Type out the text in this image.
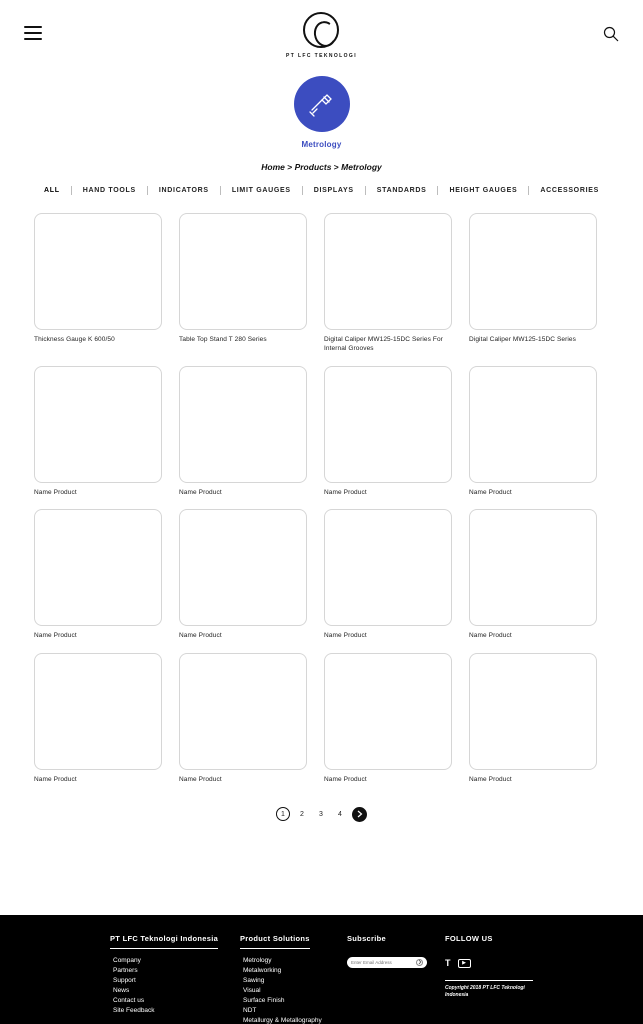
PT LFC TEKNOLOGI
Metrology
Home > Products > Metrology
ALL	HAND TOOLS	INDICATORS	LIMIT GAUGES	DISPLAYS	STANDARDS	HEIGHT GAUGES	ACCESSORIES
Thickness Gauge K 600/50	Table Top Stand T 280 Series	Digital Caliper MW125-15DC Series For Internal Grooves
Digital Caliper MW125-15DC Series
Name Product	Name Product	Name Product	Name Product
Name Product	Name Product	Name Product	Name Product
Name Product	Name Product	Name Product	Name Product
1	2	3	4
PT LFC Teknologi Indonesia
Company
Partners
Support
News
Contact us
Site Feedback
Product Solutions
Metrology
Metalworking
Sawing
Visual
Surface Finish
NDT
Metallurgy & Metallography
Subscribe
Enter Email Address	FOLLOW US
T	▶
Copyright 2018 PT LFC Teknologi Indonesia
